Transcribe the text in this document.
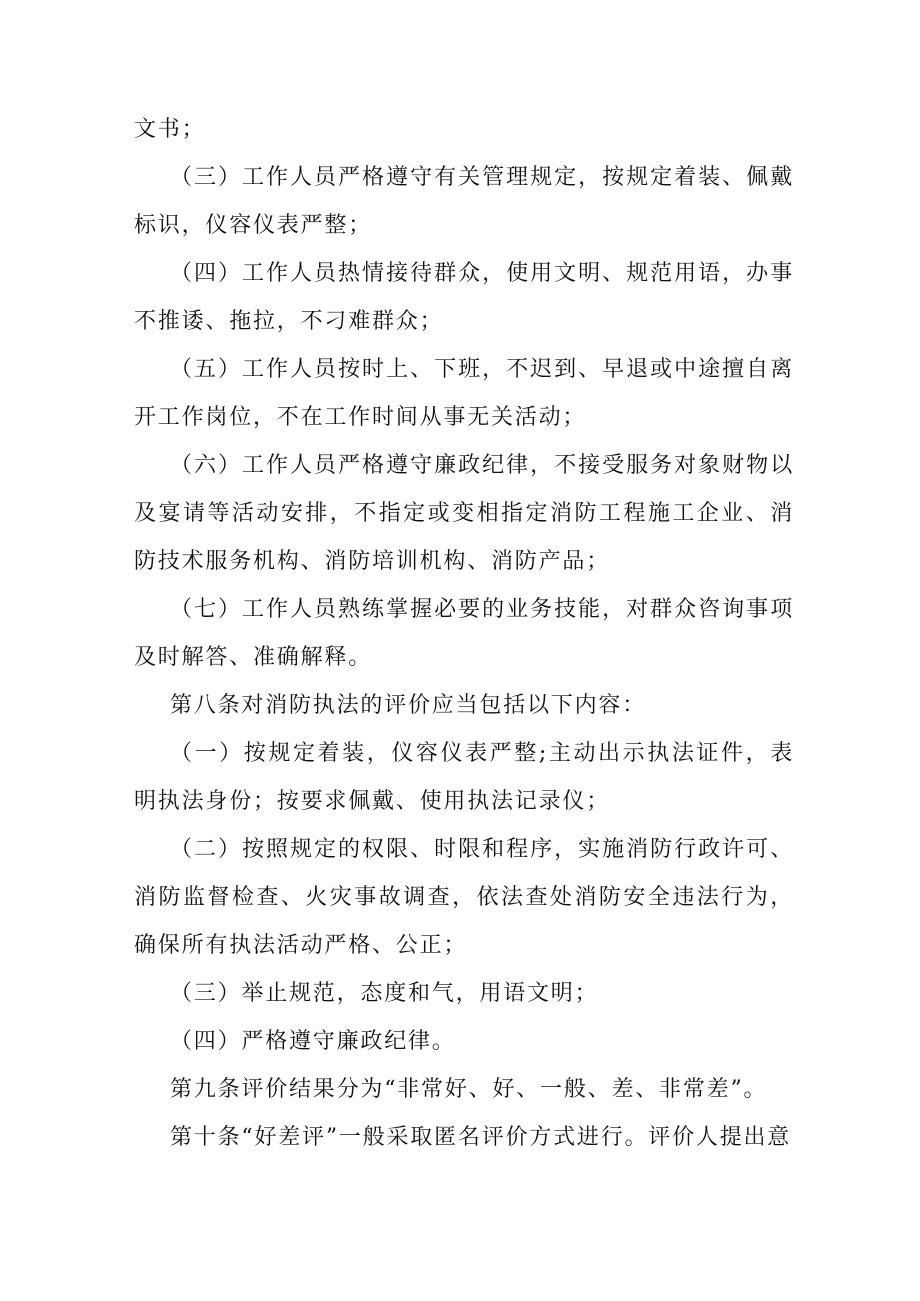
文书；

（三）工作人员严格遵守有关管理规定，按规定着装、佩戴标识，仪容仪表严整；

（四）工作人员热情接待群众，使用文明、规范用语，办事不推诿、拖拉，不刁难群众；

（五）工作人员按时上、下班，不迟到、早退或中途擅自离开工作岗位，不在工作时间从事无关活动；

（六）工作人员严格遵守廉政纪律，不接受服务对象财物以及宴请等活动安排，不指定或变相指定消防工程施工企业、消防技术服务机构、消防培训机构、消防产品；

（七）工作人员熟练掌握必要的业务技能，对群众咨询事项及时解答、准确解释。

第八条对消防执法的评价应当包括以下内容：

（一）按规定着装，仪容仪表严整;主动出示执法证件，表明执法身份；按要求佩戴、使用执法记录仪；

（二）按照规定的权限、时限和程序，实施消防行政许可、消防监督检查、火灾事故调查，依法查处消防安全违法行为，确保所有执法活动严格、公正；

（三）举止规范，态度和气，用语文明；

（四）严格遵守廉政纪律。

第九条评价结果分为“非常好、好、一般、差、非常差”。

第十条“好差评”一般采取匿名评价方式进行。评价人提出意
